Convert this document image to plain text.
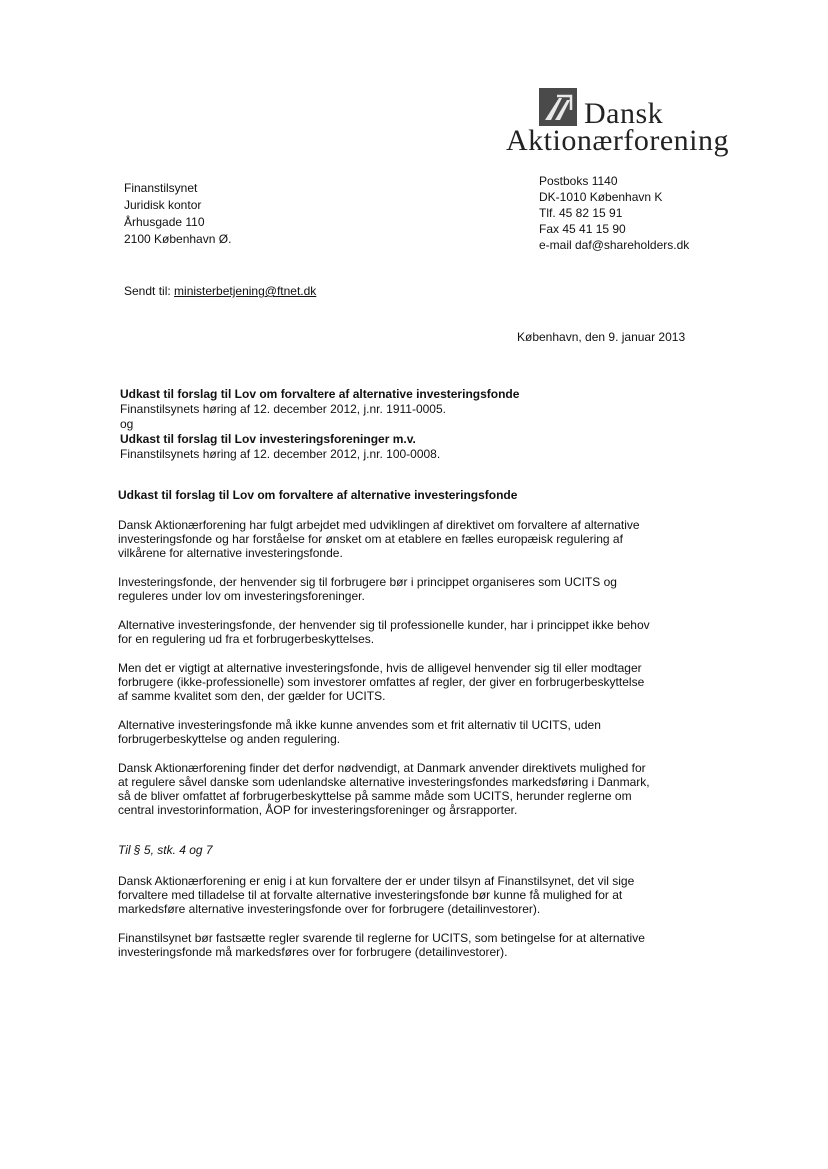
Dansk
Aktionærforening
Finanstilsynet
Juridisk kontor
Århusgade 110
2100 København Ø.
Postboks 1140
DK-1010 København K
Tlf. 45 82 15 91
Fax 45 41 15 90
e-mail daf@shareholders.dk
Sendt til: ministerbetjening@ftnet.dk
København, den 9. januar 2013
Udkast til forslag til Lov om forvaltere af alternative investeringsfonde
Finanstilsynets høring af 12. december 2012, j.nr. 1911-0005.
og
Udkast til forslag til Lov investeringsforeninger m.v.
Finanstilsynets høring af 12. december 2012, j.nr. 100-0008.
Udkast til forslag til Lov om forvaltere af alternative investeringsfonde

Dansk Aktionærforening har fulgt arbejdet med udviklingen af direktivet om forvaltere af alternative
investeringsfonde og har forståelse for ønsket om at etablere en fælles europæisk regulering af
vilkårene for alternative investeringsfonde.

Investeringsfonde, der henvender sig til forbrugere bør i princippet organiseres som UCITS og
reguleres under lov om investeringsforeninger.

Alternative investeringsfonde, der henvender sig til professionelle kunder, har i princippet ikke behov
for en regulering ud fra et forbrugerbeskyttelses.

Men det er vigtigt at alternative investeringsfonde, hvis de alligevel henvender sig til eller modtager
forbrugere (ikke-professionelle) som investorer omfattes af regler, der giver en forbrugerbeskyttelse
af samme kvalitet som den, der gælder for UCITS.

Alternative investeringsfonde må ikke kunne anvendes som et frit alternativ til UCITS, uden
forbrugerbeskyttelse og anden regulering.

Dansk Aktionærforening finder det derfor nødvendigt, at Danmark anvender direktivets mulighed for
at regulere såvel danske som udenlandske alternative investeringsfondes markedsføring i Danmark,
så de bliver omfattet af forbrugerbeskyttelse på samme måde som UCITS, herunder reglerne om
central investorinformation, ÅOP for investeringsforeninger og årsrapporter.

Til § 5, stk. 4 og 7

Dansk Aktionærforening er enig i at kun forvaltere der er under tilsyn af Finanstilsynet, det vil sige
forvaltere med tilladelse til at forvalte alternative investeringsfonde bør kunne få mulighed for at
markedsføre alternative investeringsfonde over for forbrugere (detailinvestorer).

Finanstilsynet bør fastsætte regler svarende til reglerne for UCITS, som betingelse for at alternative
investeringsfonde må markedsføres over for forbrugere (detailinvestorer).
